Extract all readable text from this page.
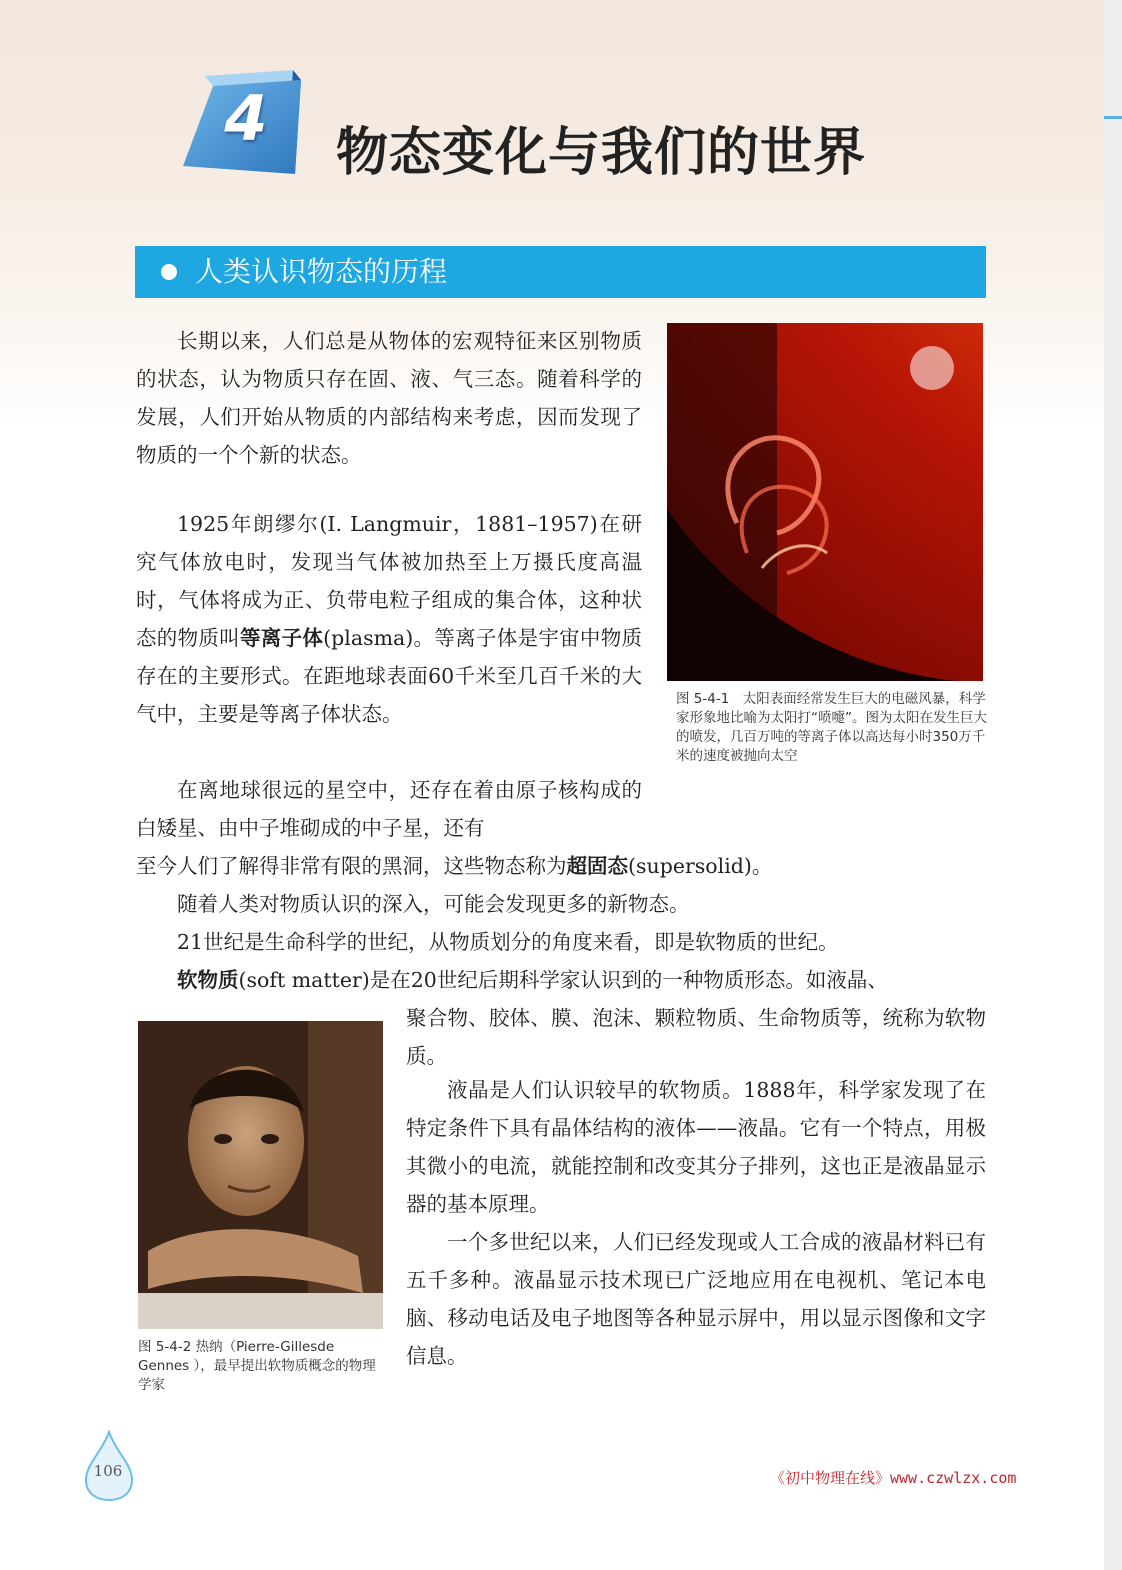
4 物态变化与我们的世界
人类认识物态的历程

长期以来，人们总是从物体的宏观特征来区别物质的状态，认为物质只存在固、液、气三态。随着科学的发展，人们开始从物质的内部结构来考虑，因而发现了物质的一个个新的状态。

1925年朗缪尔(I. Langmuir，1881–1957)在研究气体放电时，发现当气体被加热至上万摄氏度高温时，气体将成为正、负带电粒子组成的集合体，这种状态的物质叫等离子体(plasma)。等离子体是宇宙中物质存在的主要形式。在距地球表面60千米至几百千米的大气中，主要是等离子体状态。

在离地球很远的星空中，还存在着由原子核构成的白矮星、由中子堆砌成的中子星，还有

至今人们了解得非常有限的黑洞，这些物态称为超固态(supersolid)。

随着人类对物质认识的深入，可能会发现更多的新物态。

21世纪是生命科学的世纪，从物质划分的角度来看，即是软物质的世纪。

软物质(soft matter)是在20世纪后期科学家认识到的一种物质形态。如液晶、

聚合物、胶体、膜、泡沫、颗粒物质、生命物质等，统称为软物质。

液晶是人们认识较早的软物质。1888年，科学家发现了在特定条件下具有晶体结构的液体——液晶。它有一个特点，用极其微小的电流，就能控制和改变其分子排列，这也正是液晶显示器的基本原理。

一个多世纪以来，人们已经发现或人工合成的液晶材料已有五千多种。液晶显示技术现已广泛地应用在电视机、笔记本电脑、移动电话及电子地图等各种显示屏中，用以显示图像和文字信息。

图 5-4-1　太阳表面经常发生巨大的电磁风暴，科学家形象地比喻为太阳打“喷嚏”。图为太阳在发生巨大的喷发，几百万吨的等离子体以高达每小时350万千米的速度被抛向太空

图 5-4-2 热纳（Pierre-Gillesde Gennes ），最早提出软物质概念的物理学家

106	《初中物理在线》www.czwlzx.com
